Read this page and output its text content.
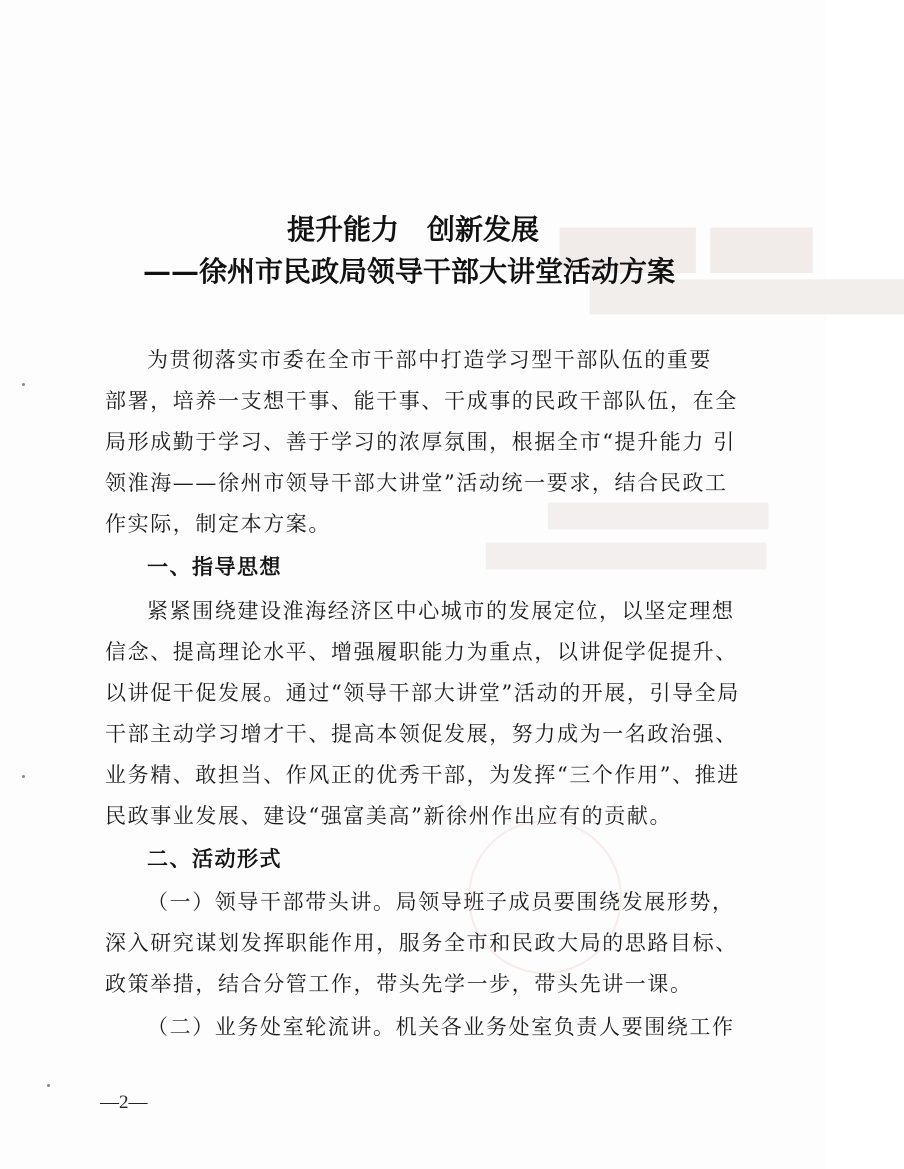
▇▇▇ ▇▇▇▇
▇▇▇▇▇▇▇▇▇▇▇▇
▇▇▇▇▇▇▇▇▇▇▇
▇▇▇▇▇▇▇▇▇▇▇▇▇▇
提升能力 创新发展
——徐州市民政局领导干部大讲堂活动方案
为贯彻落实市委在全市干部中打造学习型干部队伍的重要
部署，培养一支想干事、能干事、干成事的民政干部队伍，在全
局形成勤于学习、善于学习的浓厚氛围，根据全市“提升能力 引
领淮海——徐州市领导干部大讲堂”活动统一要求，结合民政工
作实际，制定本方案。
一、指导思想
紧紧围绕建设淮海经济区中心城市的发展定位，以坚定理想
信念、提高理论水平、增强履职能力为重点，以讲促学促提升、
以讲促干促发展。通过“领导干部大讲堂”活动的开展，引导全局
干部主动学习增才干、提高本领促发展，努力成为一名政治强、
业务精、敢担当、作风正的优秀干部，为发挥“三个作用”、推进
民政事业发展、建设“强富美高”新徐州作出应有的贡献。
二、活动形式
（一）领导干部带头讲。局领导班子成员要围绕发展形势，
深入研究谋划发挥职能作用，服务全市和民政大局的思路目标、
政策举措，结合分管工作，带头先学一步，带头先讲一课。
（二）业务处室轮流讲。机关各业务处室负责人要围绕工作
—2—
